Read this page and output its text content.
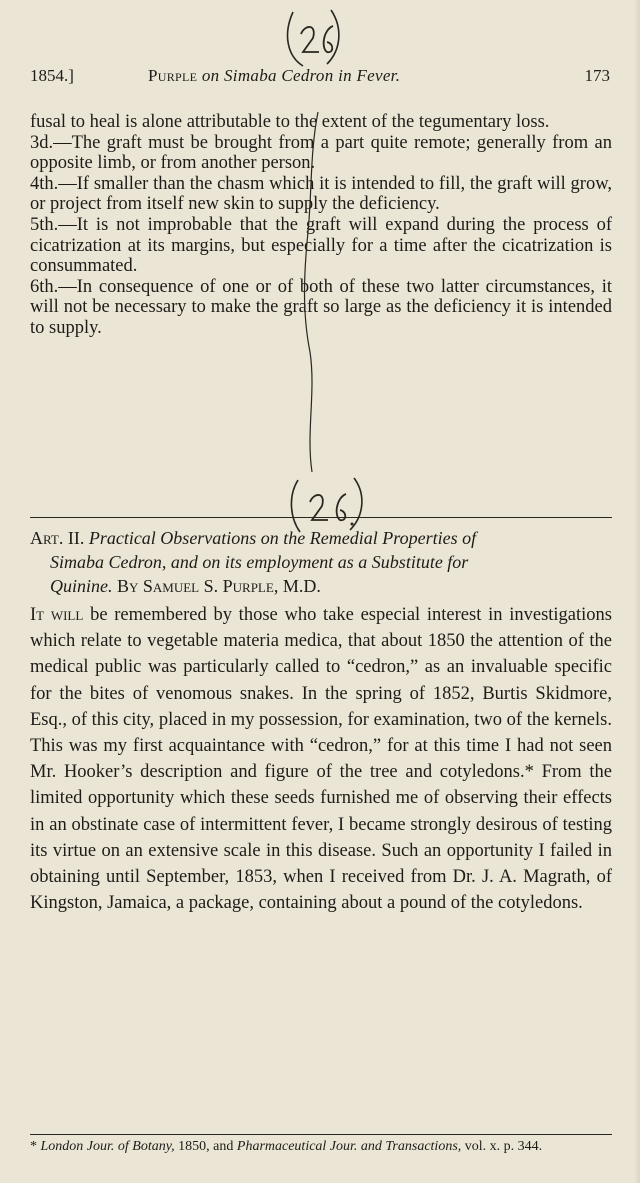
1854.]	Purple on Simaba Cedron in Fever.	173

fusal to heal is alone attributable to the extent of the tegumentary loss.

3d.—The graft must be brought from a part quite remote; generally from an opposite limb, or from another person.

4th.—If smaller than the chasm which it is intended to fill, the graft will grow, or project from itself new skin to supply the deficiency.

5th.—It is not improbable that the graft will expand during the process of cicatrization at its margins, but especially for a time after the cicatrization is consummated.

6th.—In consequence of one or of both of these two latter circumstances, it will not be necessary to make the graft so large as the deficiency it is intended to supply.

Art. II. Practical Observations on the Remedial Properties of
Simaba Cedron, and on its employment as a Substitute for
Quinine. By Samuel S. Purple, M.D.

It will be remembered by those who take especial interest in investigations which relate to vegetable materia medica, that about 1850 the attention of the medical public was particularly called to “cedron,” as an invaluable specific for the bites of venomous snakes. In the spring of 1852, Burtis Skidmore, Esq., of this city, placed in my possession, for examination, two of the kernels. This was my first acquaintance with “cedron,” for at this time I had not seen Mr. Hooker’s description and figure of the tree and cotyledons.* From the limited opportunity which these seeds furnished me of observing their effects in an obstinate case of intermittent fever, I became strongly desirous of testing its virtue on an extensive scale in this disease. Such an opportunity I failed in obtaining until September, 1853, when I received from Dr. J. A. Magrath, of Kingston, Jamaica, a package, containing about a pound of the cotyledons.

* London Jour. of Botany, 1850, and Pharmaceutical Jour. and Transactions, vol. x. p. 344.
